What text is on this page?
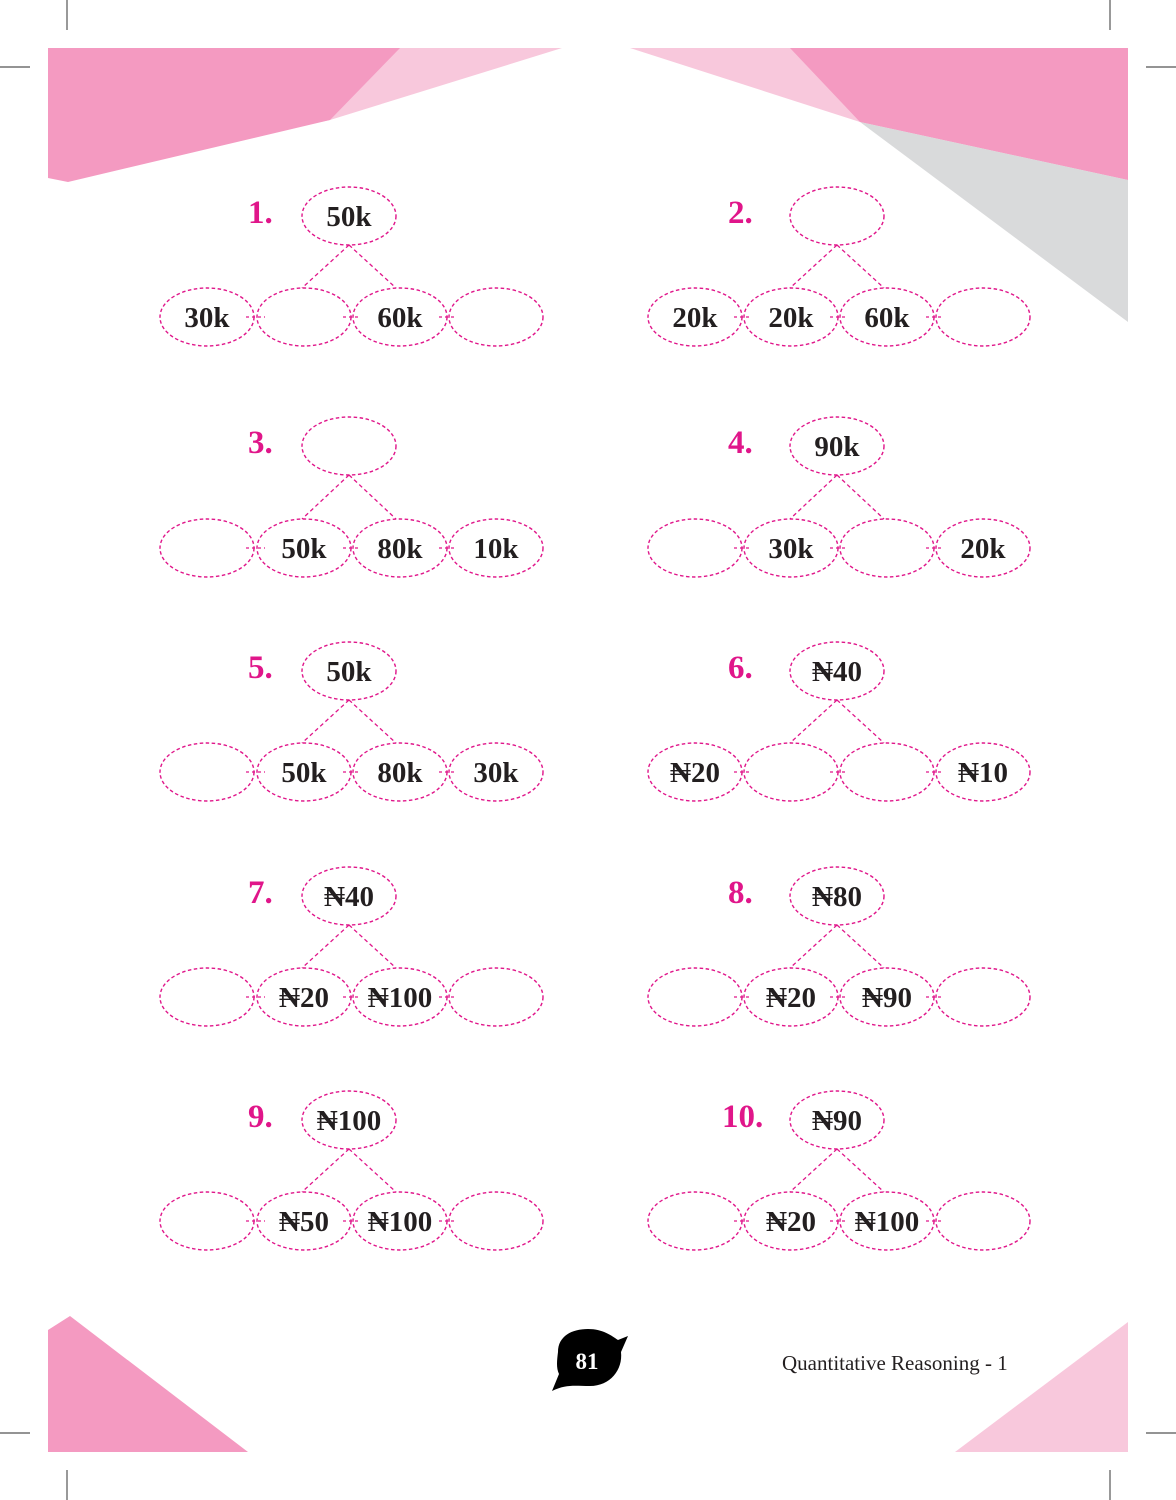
1.	50k
30k	60k
2.
20k	20k	60k
3.
50k	80k	10k
4.	90k
30k	20k
5.	50k
50k	80k	30k
6.	₦40
₦20	₦10
7.	₦40
₦20	₦100
8.	₦80
₦20	₦90
9.	₦100
₦50	₦100
10.	₦90
₦20	₦100
81	Quantitative Reasoning - 1
